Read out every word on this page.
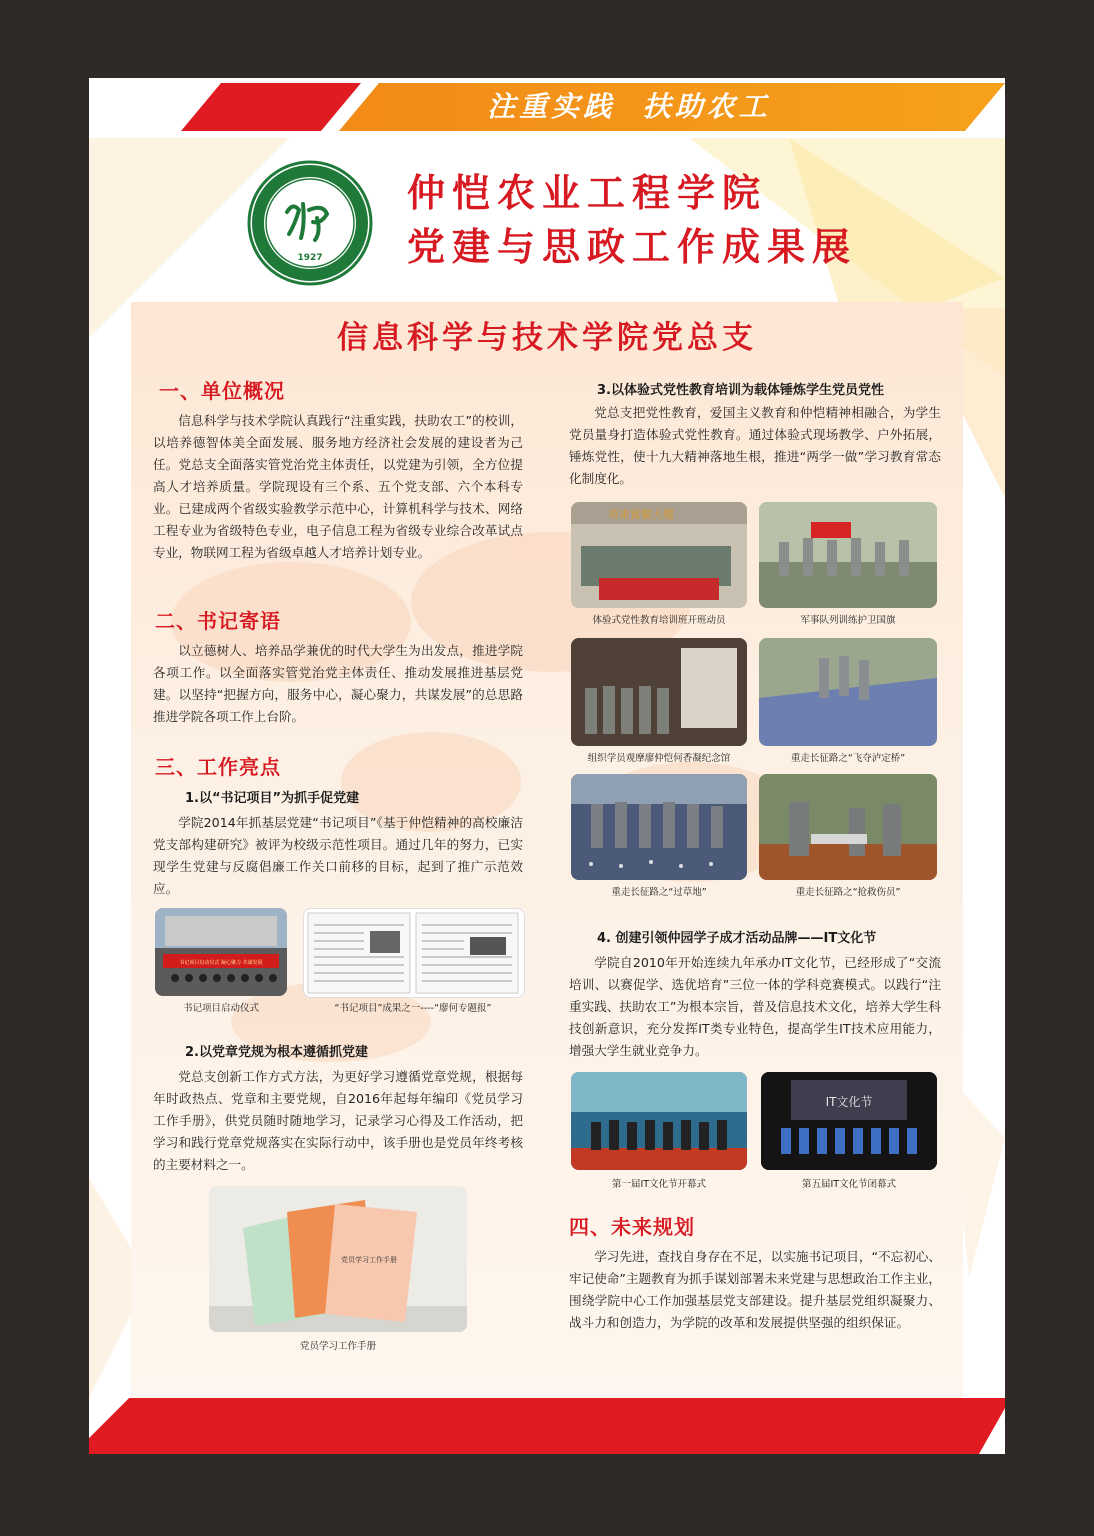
注重实践  扶助农工
1927
仲恺农业工程学院
党建与思政工作成果展
信息科学与技术学院党总支
一、单位概况
信息科学与技术学院认真践行“注重实践，扶助农工”的校训，以培养德智体美全面发展、服务地方经济社会发展的建设者为己任。党总支全面落实管党治党主体责任，以党建为引领，全方位提高人才培养质量。学院现设有三个系、五个党支部、六个本科专业。已建成两个省级实验教学示范中心，计算机科学与技术、网络工程专业为省级特色专业，电子信息工程为省级专业综合改革试点专业，物联网工程为省级卓越人才培养计划专业。
二、书记寄语
以立德树人、培养品学兼优的时代大学生为出发点，推进学院各项工作。以全面落实管党治党主体责任、推动发展推进基层党建。以坚持“把握方向，服务中心，凝心聚力，共谋发展”的总思路推进学院各项工作上台阶。
三、工作亮点
1.以“书记项目”为抓手促党建
学院2014年抓基层党建“书记项目”《基于仲恺精神的高校廉洁党支部构建研究》被评为校级示范性项目。通过几年的努力，已实现学生党建与反腐倡廉工作关口前移的目标，起到了推广示范效应。
书记项目启动仪式 凝心聚力 共谋发展
书记项目启动仪式	“书记项目”成果之一----“廖何专题报”
2.以党章党规为根本遵循抓党建
党总支创新工作方式方法，为更好学习遵循党章党规，根据每年时政热点、党章和主要党规，自2016年起每年编印《党员学习工作手册》，供党员随时随地学习，记录学习心得及工作活动，把学习和践行党章党规落实在实际行动中，该手册也是党员年终考核的主要材料之一。
党员学习工作手册
党员学习工作手册
3.以体验式党性教育培训为载体锤炼学生党员党性
党总支把党性教育，爱国主义教育和仲恺精神相融合，为学生党员量身打造体验式党性教育。通过体验式现场教学、户外拓展，锤炼党性，使十九大精神落地生根，推进“两学一做”学习教育常态化制度化。
英東實驗大樓
体验式党性教育培训班开班动员	军事队列训练护卫国旗
组织学员观摩廖仲恺何香凝纪念馆	重走长征路之“飞夺泸定桥”
重走长征路之“过草地”	重走长征路之“抢救伤员”
4. 创建引领仲园学子成才活动品牌——IT文化节
学院自2010年开始连续九年承办IT文化节，已经形成了“交流培训、以赛促学、选优培育”三位一体的学科竞赛模式。以践行“注重实践、扶助农工”为根本宗旨，普及信息技术文化，培养大学生科技创新意识，充分发挥IT类专业特色，提高学生IT技术应用能力，增强大学生就业竞争力。
IT文化节
第一届IT文化节开幕式	第五届IT文化节闭幕式
四、未来规划
学习先进，查找自身存在不足，以实施书记项目，“不忘初心、牢记使命”主题教育为抓手谋划部署未来党建与思想政治工作主业，围绕学院中心工作加强基层党支部建设。提升基层党组织凝聚力、战斗力和创造力，为学院的改革和发展提供坚强的组织保证。
